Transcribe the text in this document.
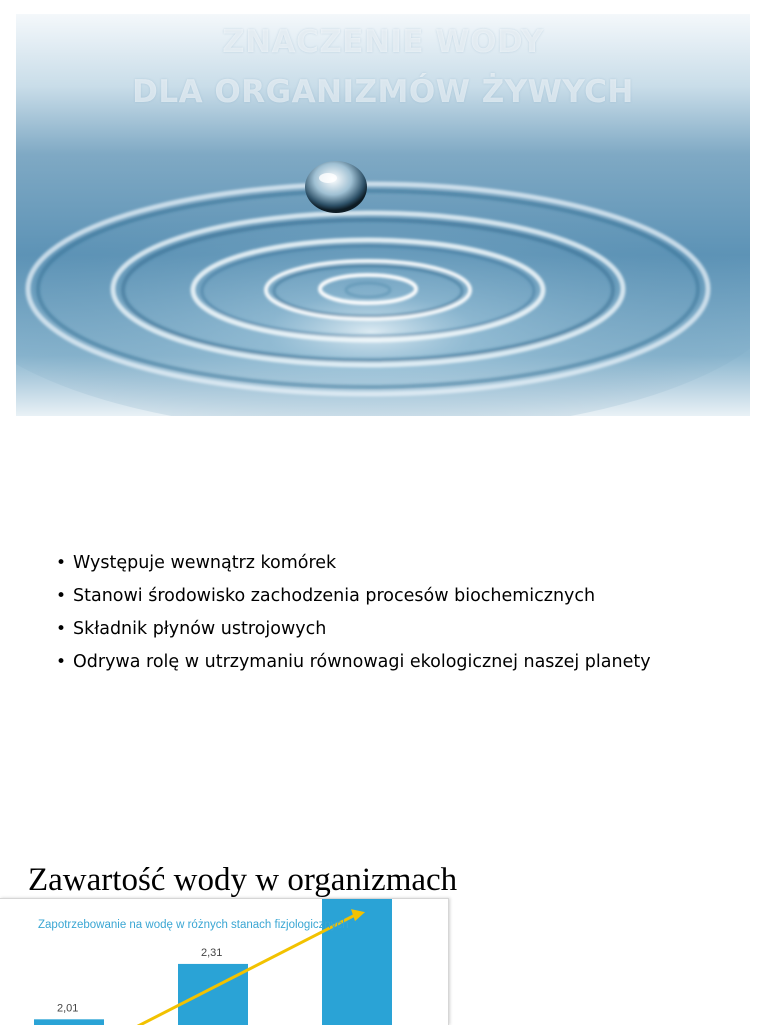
ZNACZENIE WODY
DLA ORGANIZMÓW ŻYWYCH
• Występuje wewnątrz komórek
• Stanowi środowisko zachodzenia procesów biochemicznych
• Składnik płynów ustrojowych
• Odrywa rolę w utrzymaniu równowagi ekologicznej naszej planety
Zawartość wody w organizmach
2,01
2,31
Zapotrzebowanie na wodę w różnych stanach fizjologicznych
